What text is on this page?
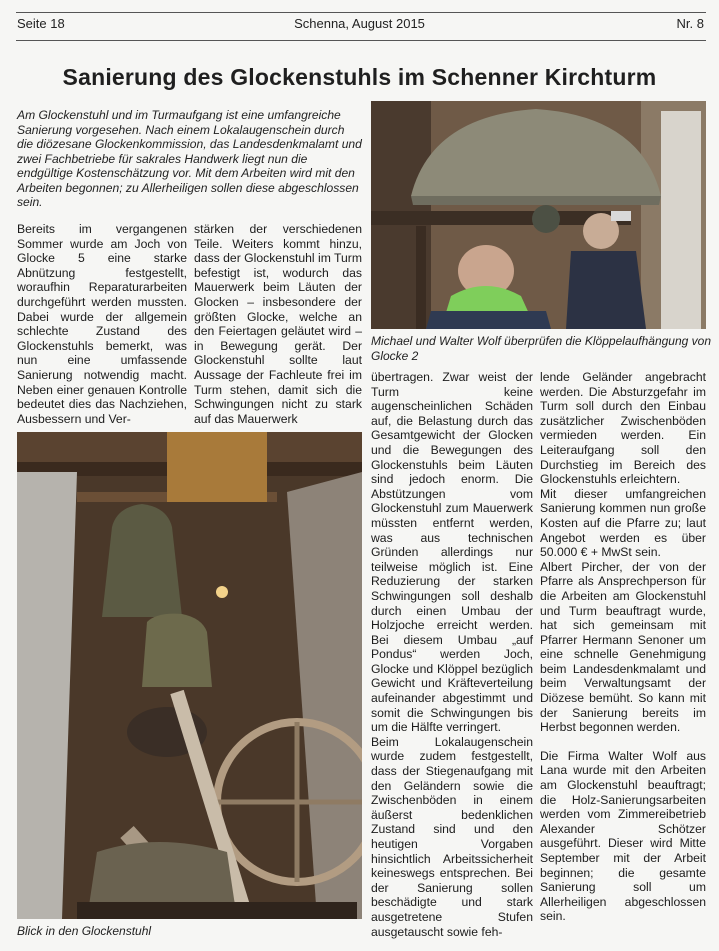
Seite 18	Schenna, August 2015	Nr. 8
Sanierung des Glockenstuhls im Schenner Kirchturm
Am Glockenstuhl und im Turmaufgang ist eine umfangreiche Sanierung vorgesehen. Nach einem Lokalaugenschein durch die diözesane Glockenkommission, das Landesdenkmalamt und zwei Fachbetriebe für sakrales Handwerk liegt nun die endgültige Kostenschätzung vor. Mit dem Arbeiten wird mit den Arbeiten begonnen; zu Allerheiligen sollen diese abgeschlossen sein.

Bereits im vergangenen Sommer wurde am Joch von Glocke 5 eine starke Abnützung festgestellt, woraufhin Reparaturarbeiten durchgeführt werden mussten. Dabei wurde der allgemein schlechte Zustand des Glockenstuhls bemerkt, was nun eine umfassende Sanierung notwendig macht. Neben einer genauen Kontrolle bedeutet dies das Nachziehen, Ausbessern und Ver-

stärken der verschiedenen Teile. Weiters kommt hinzu, dass der Glockenstuhl im Turm befestigt ist, wodurch das Mauerwerk beim Läuten der Glocken – insbesondere der größten Glocke, welche an den Feiertagen geläutet wird – in Bewegung gerät. Der Glockenstuhl sollte laut Aussage der Fachleute frei im Turm stehen, damit sich die Schwingungen nicht zu stark auf das Mauerwerk

Michael und Walter Wolf überprüfen die Klöppelaufhängung von Glocke 2
Blick in den Glockenstuhl

übertragen. Zwar weist der Turm keine augenscheinlichen Schäden auf, die Belastung durch das Gesamtgewicht der Glocken und die Bewegungen des Glockenstuhls beim Läuten sind jedoch enorm. Die Abstützungen vom Glockenstuhl zum Mauerwerk müssten entfernt werden, was aus technischen Gründen allerdings nur teilweise möglich ist. Eine Reduzierung der starken Schwingungen soll deshalb durch einen Umbau der Holzjoche erreicht werden. Bei diesem Umbau „auf Pondus“ werden Joch, Glocke und Klöppel bezüglich Gewicht und Kräfteverteilung aufeinander abgestimmt und somit die Schwingungen bis um die Hälfte verringert.

Beim Lokalaugenschein wurde zudem festgestellt, dass der Stiegenaufgang mit den Geländern sowie die Zwischenböden in einem äußerst bedenklichen Zustand sind und den heutigen Vorgaben hinsichtlich Arbeitssicherheit keineswegs entsprechen. Bei der Sanierung sollen beschädigte und stark ausgetretene Stufen ausgetauscht sowie feh-

lende Geländer angebracht werden. Die Absturzgefahr im Turm soll durch den Einbau zusätzlicher Zwischenböden vermieden werden. Ein Leiteraufgang soll den Durchstieg im Bereich des Glockenstuhls erleichtern.

Mit dieser umfangreichen Sanierung kommen nun große Kosten auf die Pfarre zu; laut Angebot werden es über 50.000 € + MwSt sein.

Albert Pircher, der von der Pfarre als Ansprechperson für die Arbeiten am Glockenstuhl und Turm beauftragt wurde, hat sich gemeinsam mit Pfarrer Hermann Senoner um eine schnelle Genehmigung beim Landesdenkmalamt und beim Verwaltungsamt der Diözese bemüht. So kann mit der Sanierung bereits im Herbst begonnen werden.

Die Firma Walter Wolf aus Lana wurde mit den Arbeiten am Glockenstuhl beauftragt; die Holz-Sanierungsarbeiten werden vom Zimmereibetrieb Alexander Schötzer ausgeführt. Dieser wird Mitte September mit der Arbeit beginnen; die gesamte Sanierung soll um Allerheiligen abgeschlossen sein.
